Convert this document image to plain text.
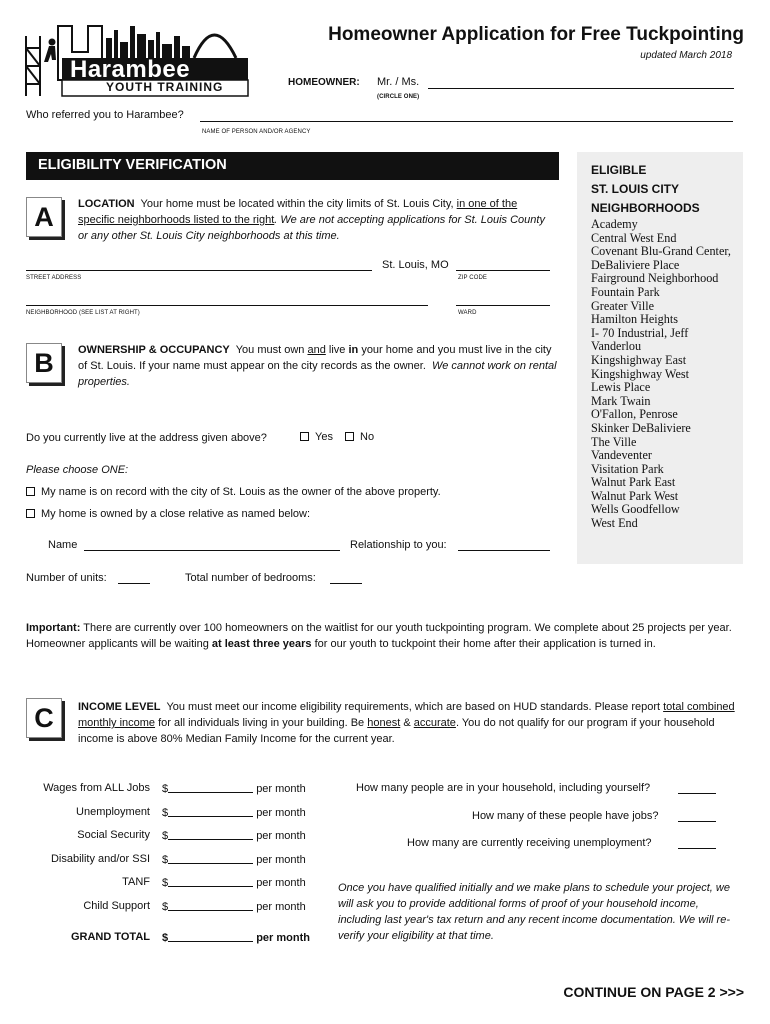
Harambee
YOUTH TRAINING
Homeowner Application for Free Tuckpointing
updated March 2018
HOMEOWNER: Mr. / Ms.
(CIRCLE ONE)
Who referred you to Harambee?
NAME OF PERSON AND/OR AGENCY
ELIGIBILITY VERIFICATION	ELIGIBLE
ST. LOUIS CITY
NEIGHBORHOODS
Academy
Central West End
Covenant Blu-Grand Center,
DeBaliviere Place
Fairground Neighborhood
Fountain Park
Greater Ville
Hamilton Heights
I- 70 Industrial, Jeff
Vanderlou
Kingshighway East
Kingshighway West
Lewis Place
Mark Twain
O'Fallon, Penrose
Skinker DeBaliviere
The Ville
Vandeventer
Visitation Park
Walnut Park East
Walnut Park West
Wells Goodfellow
West End
A	LOCATION Your home must be located within the city limits of St. Louis City, in one of the specific neighborhoods listed to the right. We are not accepting applications for St. Louis County or any other St. Louis City neighborhoods at this time.
St. Louis, MO
STREET ADDRESS	ZIP CODE
NEIGHBORHOOD (SEE LIST AT RIGHT)	WARD
B	OWNERSHIP & OCCUPANCY You must own and live in your home and you must live in the city of St. Louis. If your name must appear on the city records as the owner. We cannot work on rental properties.
Do you currently live at the address given above?	Yes	No
Please choose ONE:
My name is on record with the city of St. Louis as the owner of the above property.
My home is owned by a close relative as named below:
Name	Relationship to you:
Number of units:	Total number of bedrooms:
Important: There are currently over 100 homeowners on the waitlist for our youth tuckpointing program. We complete about 25 projects per year. Homeowner applicants will be waiting at least three years for our youth to tuckpoint their home after their application is turned in.
C	INCOME LEVEL You must meet our income eligibility requirements, which are based on HUD standards. Please report total combined monthly income for all individuals living in your building. Be honest & accurate. You do not qualify for our program if your household income is above 80% Median Family Income for the current year.
Wages from ALL Jobs $	per month
Unemployment $	per month
Social Security $	per month
Disability and/or SSI $	per month
TANF $	per month
Child Support $	per month
GRAND TOTAL $	per month
How many people are in your household, including yourself?
How many of these people have jobs?
How many are currently receiving unemployment?
Once you have qualified initially and we make plans to schedule your project, we will ask you to provide additional forms of proof of your household income, including last year's tax return and any recent income documentation. We will re-verify your eligibility at that time.
CONTINUE ON PAGE 2 >>>
